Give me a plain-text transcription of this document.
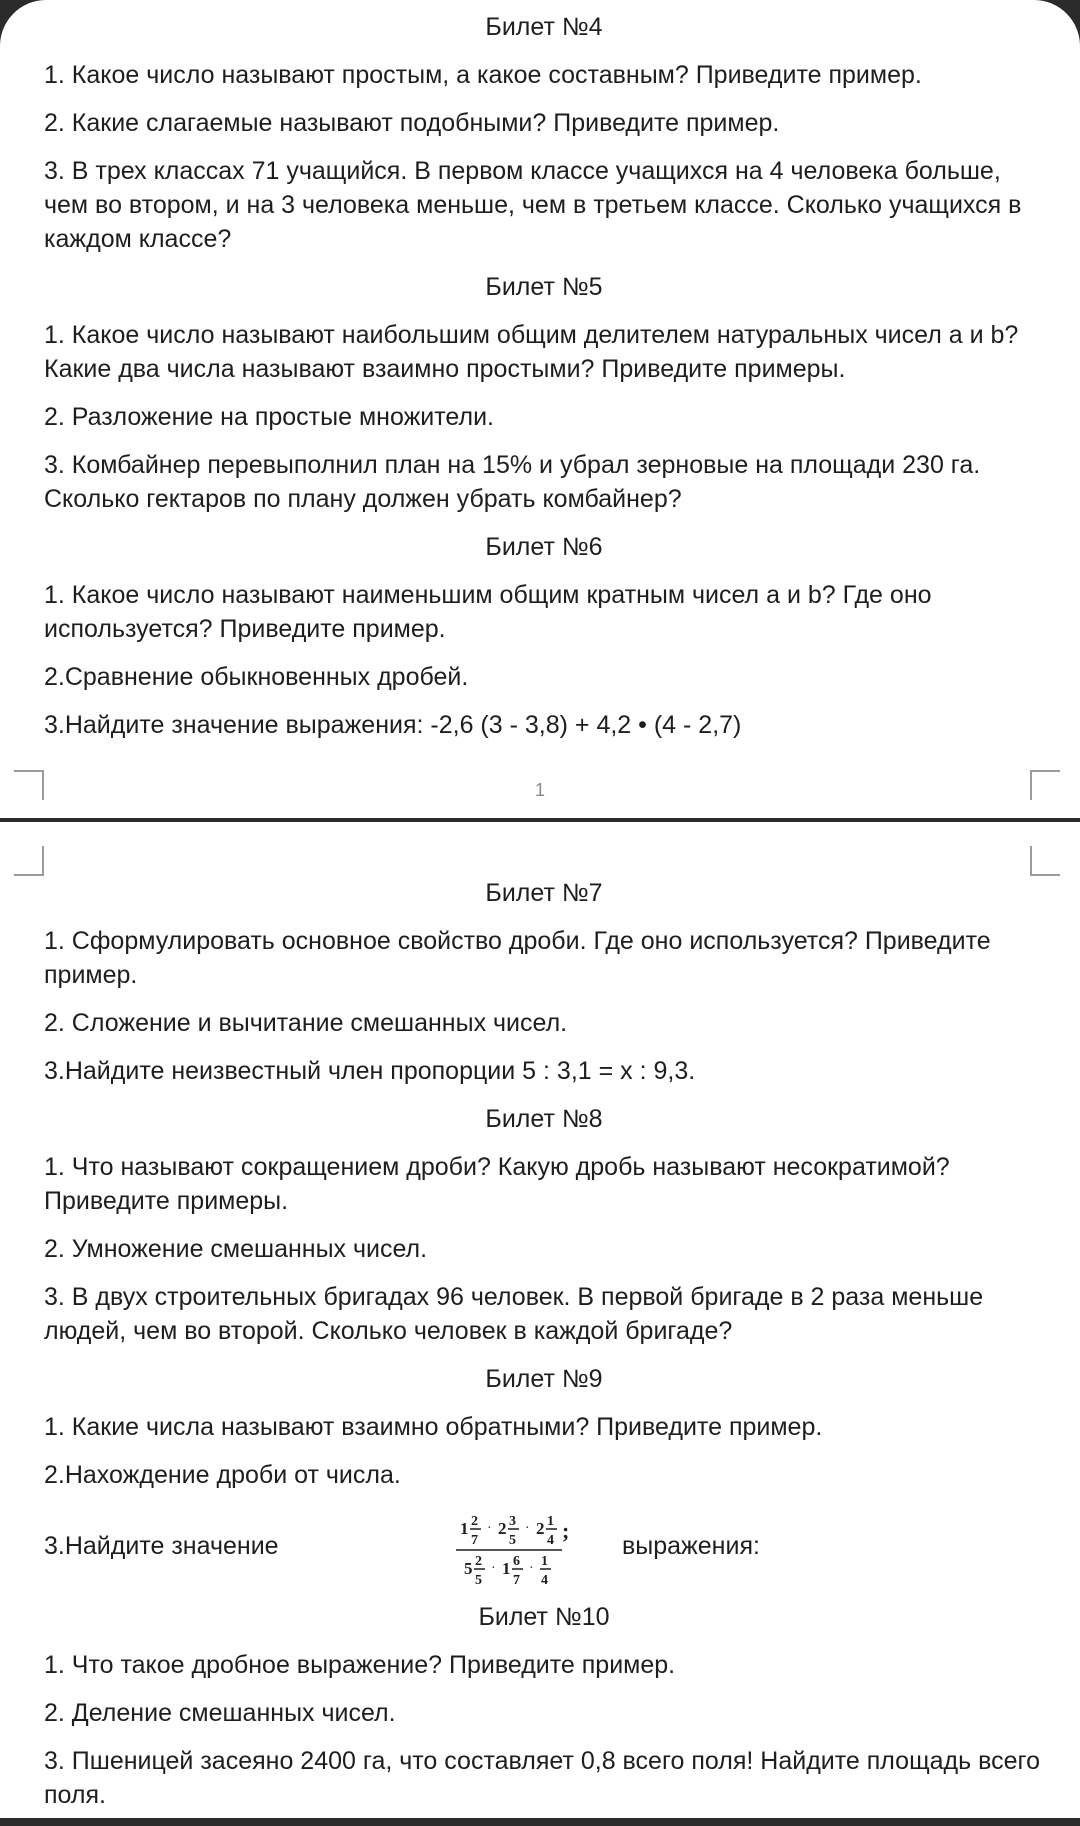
Билет №4

1. Какое число называют простым, а какое составным? Приведите пример.

2. Какие слагаемые называют подобными? Приведите пример.

3. В трех классах 71 учащийся. В первом классе учащихся на 4 человека больше, чем во втором, и на 3 человека меньше, чем в третьем классе. Сколько учащихся в каждом классе?

Билет №5

1. Какое число называют наибольшим общим делителем натуральных чисел а и b? Какие два числа называют взаимно простыми? Приведите примеры.

2. Разложение на простые множители.

3. Комбайнер перевыполнил план на 15% и убрал зерновые на площади 230 га. Сколько гектаров по плану должен убрать комбайнер?

Билет №6

1. Какое число называют наименьшим общим кратным чисел а и b? Где оно используется? Приведите пример.

2.Сравнение обыкновенных дробей.

3.Найдите значение выражения: -2,6 (3 - 3,8) + 4,2 • (4 - 2,7)

1

Билет №7

1. Сформулировать основное свойство дроби. Где оно используется? Приведите пример.

2. Сложение и вычитание смешанных чисел.

3.Найдите неизвестный член пропорции 5 : 3,1 = х : 9,3.

Билет №8

1. Что называют сокращением дроби? Какую дробь называют несократимой? Приведите примеры.

2. Умножение смешанных чисел.

3. В двух строительных бригадах 96 человек. В первой бригаде в 2 раза меньше людей, чем во второй. Сколько человек в каждой бригаде?

Билет №9

1. Какие числа называют взаимно обратными? Приведите пример.

2.Нахождение дроби от числа.

3.Найдите значение
1 2
7
· 2 3
5
· 2 1
4 ;
5 2
5
· 1 6
7
· 1
4
выражения:

Билет №10

1. Что такое дробное выражение? Приведите пример.

2. Деление смешанных чисел.

3. Пшеницей засеяно 2400 га, что составляет 0,8 всего поля! Найдите площадь всего поля.
